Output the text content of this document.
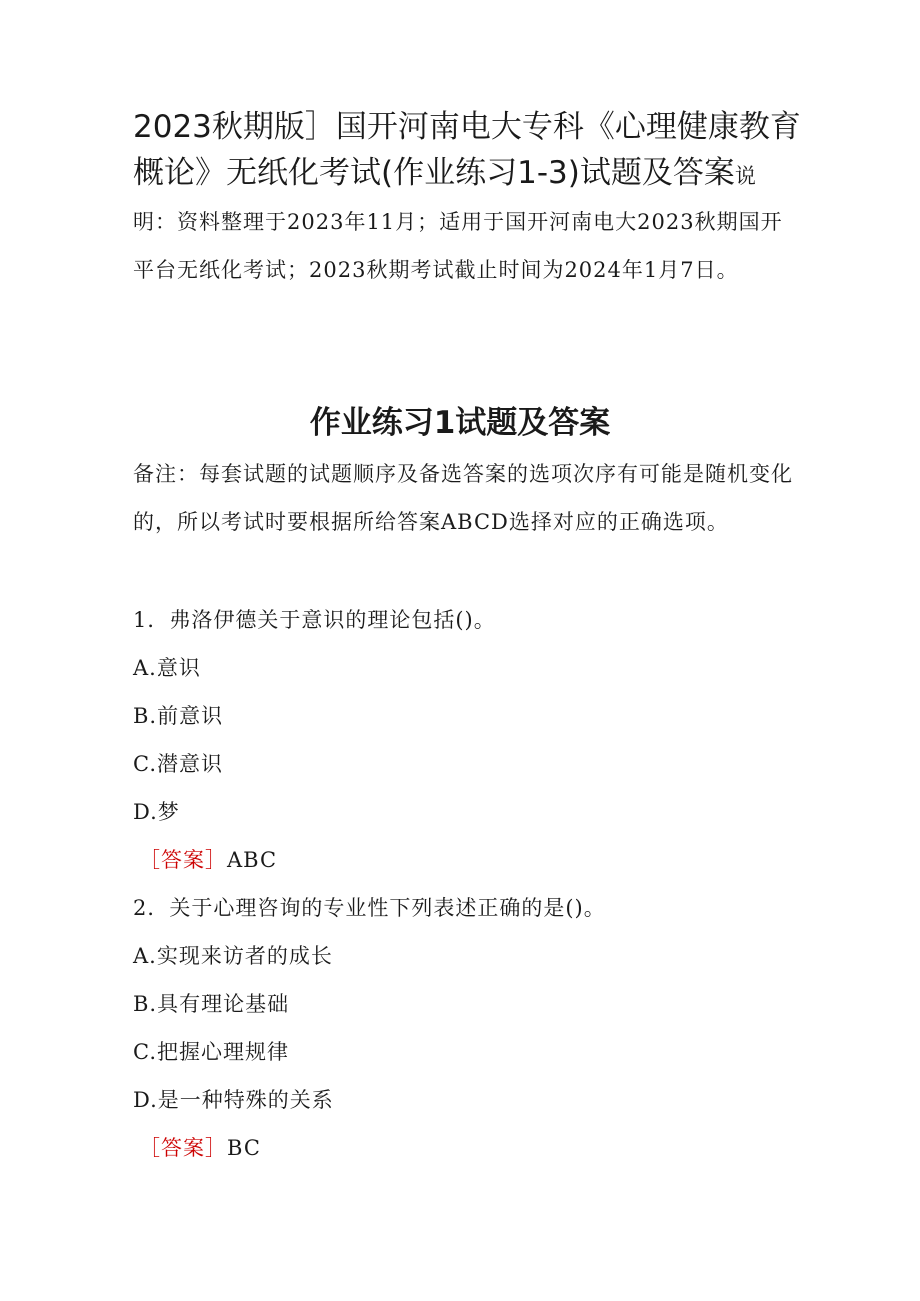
2023秋期版］国开河南电大专科《心理健康教育概论》无纸化考试(作业练习1-3)试题及答案说

明：资料整理于2023年11月；适用于国开河南电大2023秋期国开平台无纸化考试；2023秋期考试截止时间为2024年1月7日。

作业练习1试题及答案

备注：每套试题的试题顺序及备选答案的选项次序有可能是随机变化的，所以考试时要根据所给答案ABCD选择对应的正确选项。

1．弗洛伊德关于意识的理论包括()。
A.意识
B.前意识
C.潜意识
D.梦
［答案］ABC
2．关于心理咨询的专业性下列表述正确的是()。
A.实现来访者的成长
B.具有理论基础
C.把握心理规律
D.是一种特殊的关系
［答案］BC
